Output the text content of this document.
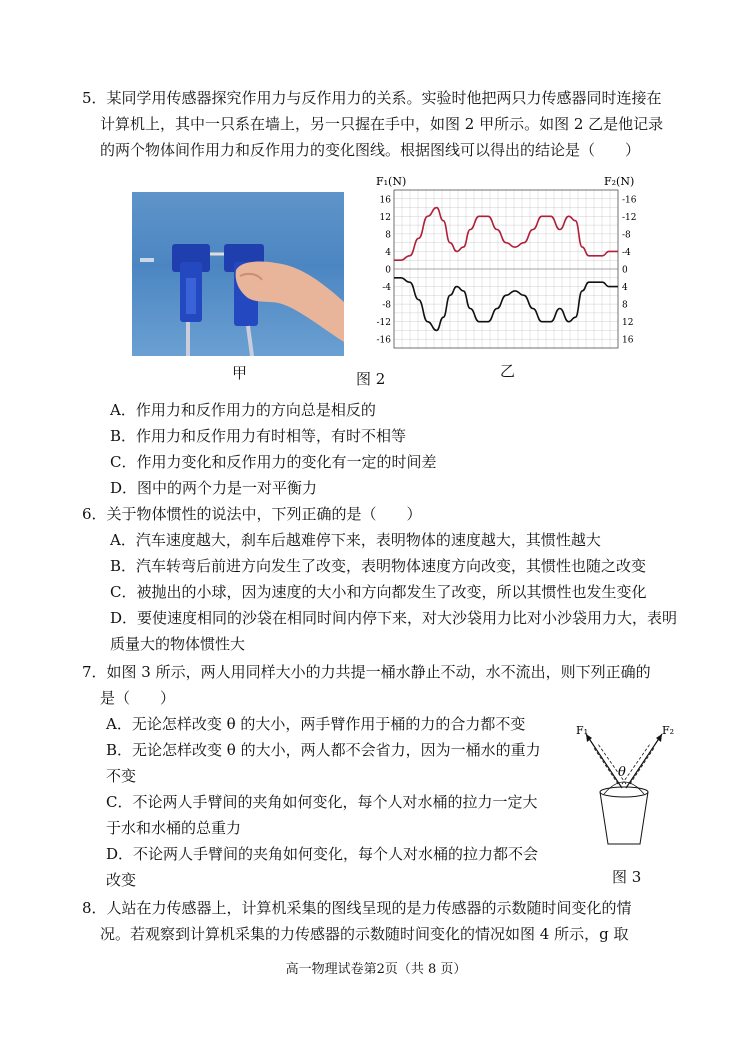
5．某同学用传感器探究作用力与反作用力的关系。实验时他把两只力传感器同时连接在
计算机上，其中一只系在墙上，另一只握在手中，如图 2 甲所示。如图 2 乙是他记录
的两个物体间作用力和反作用力的变化图线。根据图线可以得出的结论是（　　）
16
12
8
4
0
-4
-8
-12
-16
-16
-12
-8
-4
0
4
8
12
16
F₁(N)	F₂(N)
甲	图 2	乙
A．作用力和反作用力的方向总是相反的
B．作用力和反作用力有时相等，有时不相等
C．作用力变化和反作用力的变化有一定的时间差
D．图中的两个力是一对平衡力
6．关于物体惯性的说法中，下列正确的是（　　）
A．汽车速度越大，刹车后越难停下来，表明物体的速度越大，其惯性越大
B．汽车转弯后前进方向发生了改变，表明物体速度方向改变，其惯性也随之改变
C．被抛出的小球，因为速度的大小和方向都发生了改变，所以其惯性也发生变化
D．要使速度相同的沙袋在相同时间内停下来，对大沙袋用力比对小沙袋用力大，表明
质量大的物体惯性大
7．如图 3 所示，两人用同样大小的力共提一桶水静止不动，水不流出，则下列正确的
是（　　）
A．无论怎样改变 θ 的大小，两手臂作用于桶的力的合力都不变
B．无论怎样改变 θ 的大小，两人都不会省力，因为一桶水的重力
不变
C．不论两人手臂间的夹角如何变化，每个人对水桶的拉力一定大
于水和水桶的总重力
D．不论两人手臂间的夹角如何变化，每个人对水桶的拉力都不会
改变
F₁	F₂
θ
图 3
8．人站在力传感器上，计算机采集的图线呈现的是力传感器的示数随时间变化的情
况。若观察到计算机采集的力传感器的示数随时间变化的情况如图 4 所示，g 取
高一物理试卷第2页（共 8 页）
